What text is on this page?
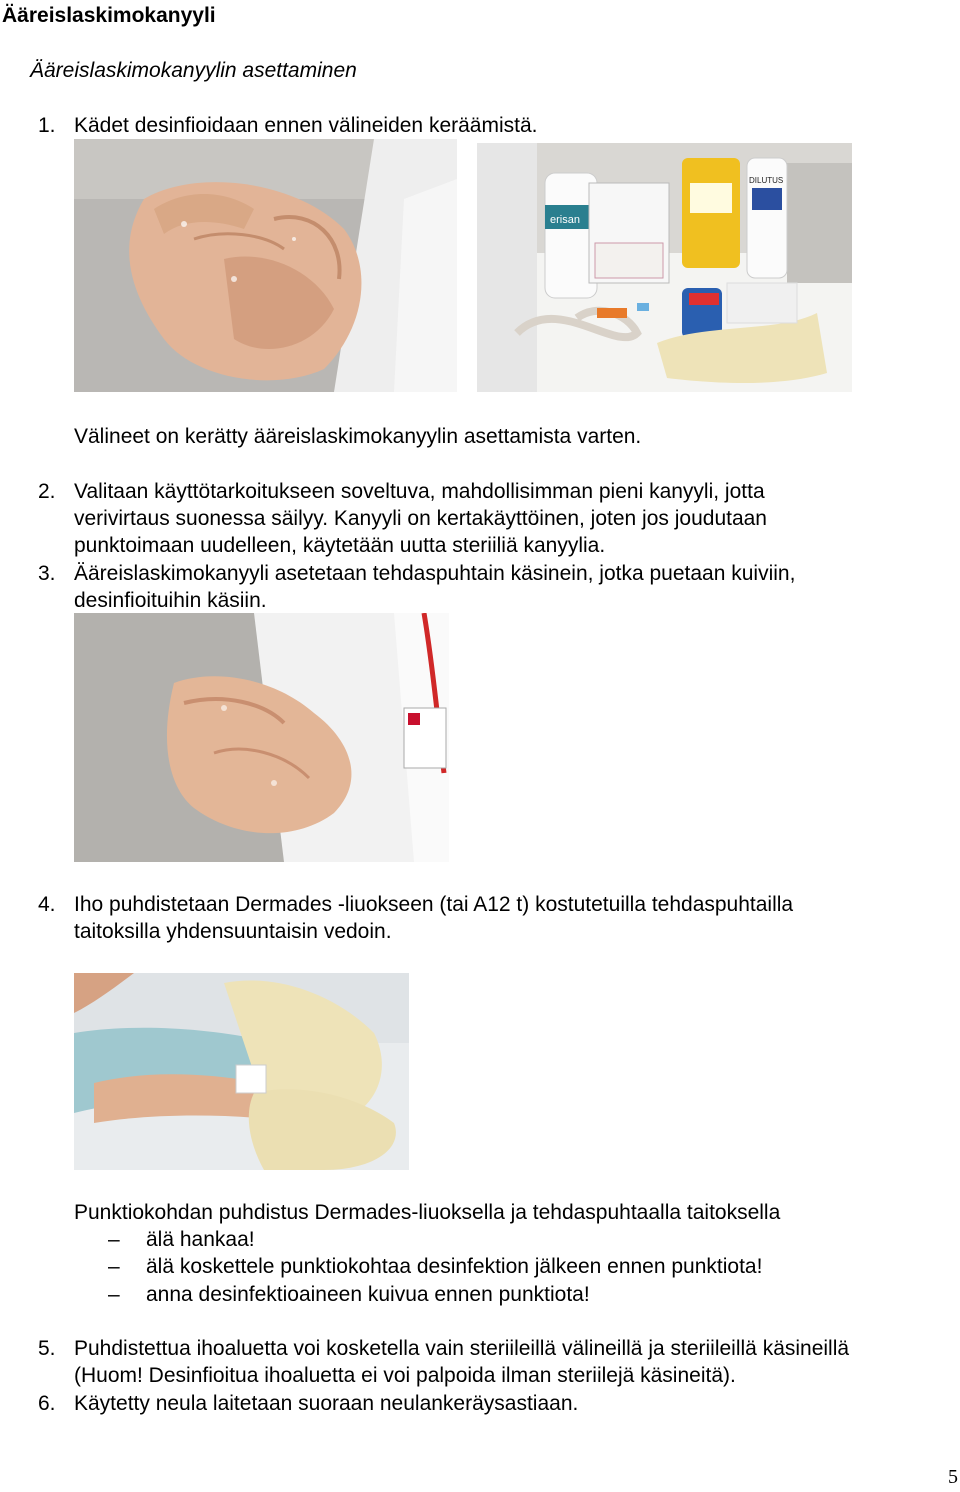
Ääreislaskimokanyyli
Ääreislaskimokanyylin asettaminen
1. Kädet desinfioidaan ennen välineiden keräämistä.
erisan
DILUTUS
Välineet on kerätty ääreislaskimokanyylin asettamista varten.
2. Valitaan käyttötarkoitukseen soveltuva, mahdollisimman pieni kanyyli, jotta
verivirtaus suonessa säilyy. Kanyyli on kertakäyttöinen, joten jos joudutaan
punktoimaan uudelleen, käytetään uutta steriiliä kanyylia.
3. Ääreislaskimokanyyli asetetaan tehdaspuhtain käsinein, jotka puetaan kuiviin,
desinfioituihin käsiin.
4. Iho puhdistetaan Dermades -liuokseen (tai A12 t) kostutetuilla tehdaspuhtailla
taitoksilla yhdensuuntaisin vedoin.
Punktiokohdan puhdistus Dermades-liuoksella ja tehdaspuhtaalla taitoksella
– älä hankaa!
– älä koskettele punktiokohtaa desinfektion jälkeen ennen punktiota!
– anna desinfektioaineen kuivua ennen punktiota!
5. Puhdistettua ihoaluetta voi kosketella vain steriileillä välineillä ja steriileillä käsineillä
(Huom! Desinfioitua ihoaluetta ei voi palpoida ilman steriilejä käsineitä).
6. Käytetty neula laitetaan suoraan neulankeräysastiaan.
5
